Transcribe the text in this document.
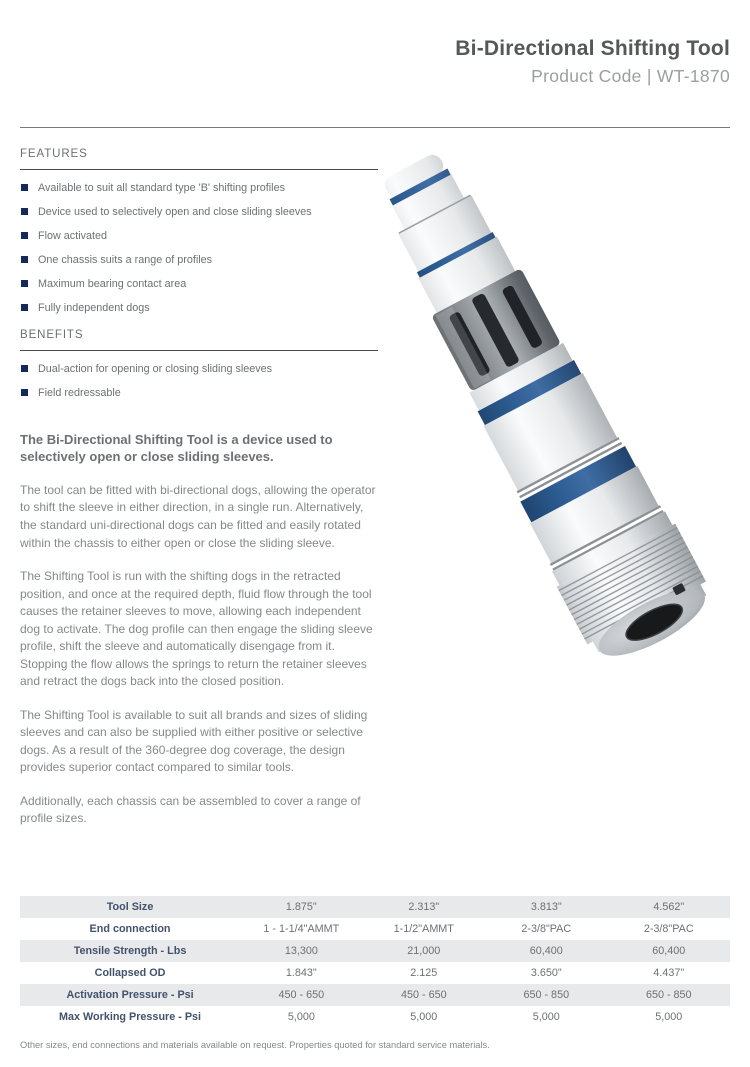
Bi-Directional Shifting Tool
Product Code | WT-1870
FEATURES
Available to suit all standard type 'B' shifting profiles
Device used to selectively open and close sliding sleeves
Flow activated
One chassis suits a range of profiles
Maximum bearing contact area
Fully independent dogs
BENEFITS
Dual-action for opening or closing sliding sleeves
Field redressable

The Bi-Directional Shifting Tool is a device used to selectively open or close sliding sleeves.

The tool can be fitted with bi-directional dogs, allowing the operator to shift the sleeve in either direction, in a single run. Alternatively, the standard uni-directional dogs can be fitted and easily rotated within the chassis to either open or close the sliding sleeve.

The Shifting Tool is run with the shifting dogs in the retracted position, and once at the required depth, fluid flow through the tool causes the retainer sleeves to move, allowing each independent dog to activate. The dog profile can then engage the sliding sleeve profile, shift the sleeve and automatically disengage from it. Stopping the flow allows the springs to return the retainer sleeves and retract the dogs back into the closed position.

The Shifting Tool is available to suit all brands and sizes of sliding sleeves and can also be supplied with either positive or selective dogs. As a result of the 360-degree dog coverage, the design provides superior contact compared to similar tools.

Additionally, each chassis can be assembled to cover a range of profile sizes.

Tool Size	1.875"	2.313"	3.813"	4.562"
End connection	1 - 1-1/4"AMMT	1-1/2"AMMT	2-3/8"PAC	2-3/8"PAC
Tensile Strength - Lbs	13,300	21,000	60,400	60,400
Collapsed OD	1.843"	2.125	3.650"	4.437"
Activation Pressure - Psi	450 - 650	450 - 650	650 - 850	650 - 850
Max Working Pressure - Psi	5,000	5,000	5,000	5,000
Other sizes, end connections and materials available on request. Properties quoted for standard service materials.
